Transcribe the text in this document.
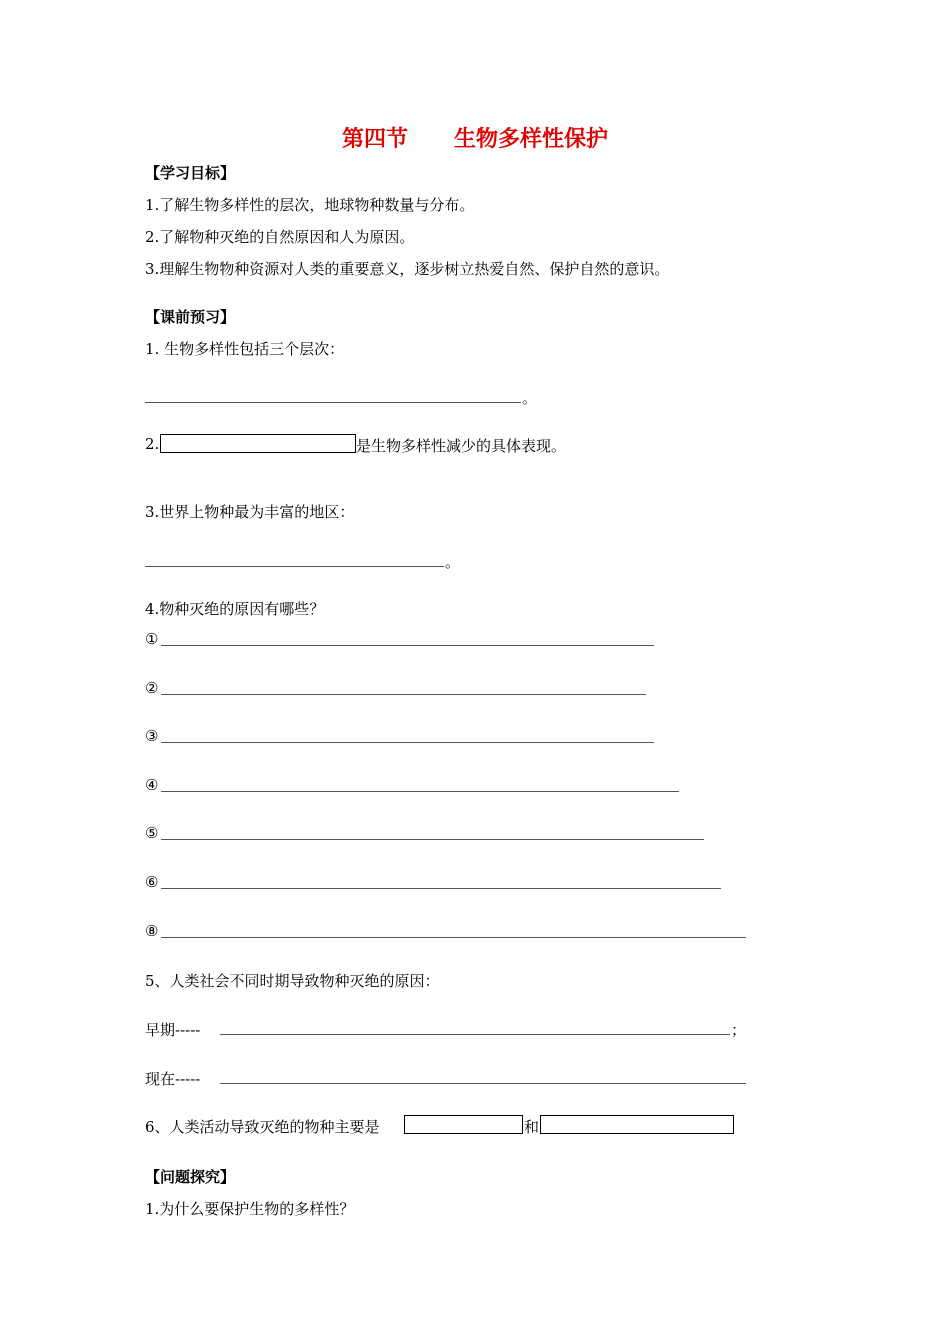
第四节 生物多样性保护
【学习目标】
1.了解生物多样性的层次，地球物种数量与分布。
2.了解物种灭绝的自然原因和人为原因。
3.理解生物物种资源对人类的重要意义，逐步树立热爱自然、保护自然的意识。
【课前预习】
1. 生物多样性包括三个层次：
。
2.	是生物多样性减少的具体表现。
3.世界上物种最为丰富的地区：
。
4.物种灭绝的原因有哪些？
①
②
③
④
⑤
⑥
⑧
5、人类社会不同时期导致物种灭绝的原因：
早期-----	；
现在-----
6、人类活动导致灭绝的物种主要是	和
【问题探究】
1.为什么要保护生物的多样性？
